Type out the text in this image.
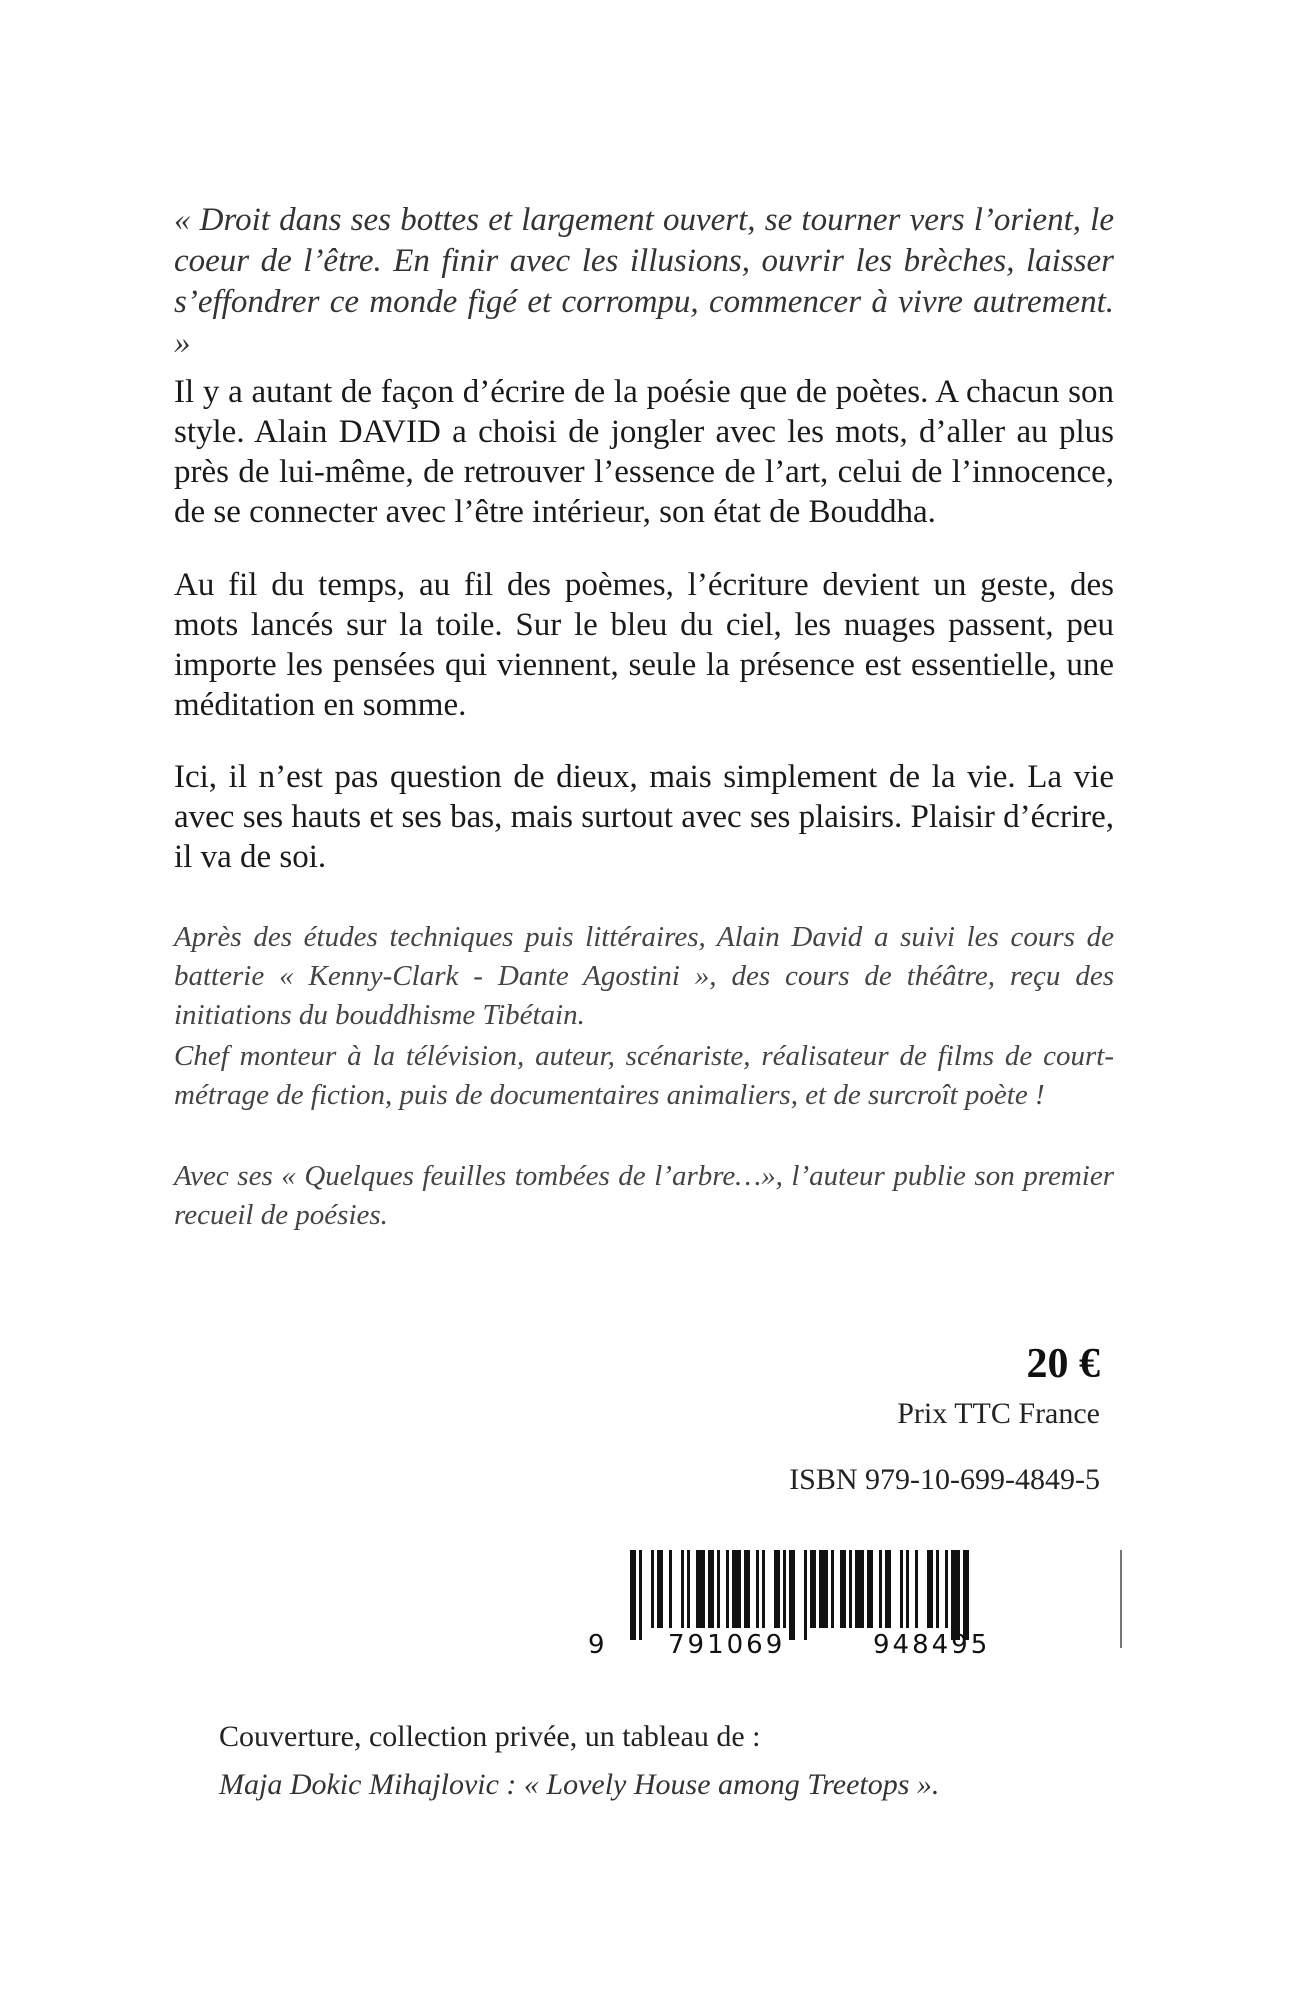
« Droit dans ses bottes et largement ouvert, se tourner vers l’orient, le coeur de l’être. En finir avec les illusions, ouvrir les brèches, laisser s’effondrer ce monde figé et corrompu, commencer à vivre autrement. »

Il y a autant de façon d’écrire de la poésie que de poètes. A chacun son style. Alain DAVID a choisi de jongler avec les mots, d’aller au plus près de lui-même, de retrouver l’essence de l’art, celui de l’innocence, de se connecter avec l’être intérieur, son état de Bouddha.

Au fil du temps, au fil des poèmes, l’écriture devient un geste, des mots lancés sur la toile. Sur le bleu du ciel, les nuages passent, peu importe les pensées qui viennent, seule la présence est essentielle, une méditation en somme.

Ici, il n’est pas question de dieux, mais simplement de la vie. La vie avec ses hauts et ses bas, mais surtout avec ses plaisirs. Plaisir d’écrire, il va de soi.

Après des études techniques puis littéraires, Alain David a suivi les cours de batterie « Kenny-Clark - Dante Agostini », des cours de théâtre, reçu des initiations du bouddhisme Tibétain.

Chef monteur à la télévision, auteur, scénariste, réalisateur de films de court-métrage de fiction, puis de documentaires animaliers, et de surcroît poète !

Avec ses « Quelques feuilles tombées de l’arbre…», l’auteur publie son premier recueil de poésies.

20 €
Prix TTC France
ISBN 979-10-699-4849-5
9 791069	948495

Couverture, collection privée, un tableau de :

Maja Dokic Mihajlovic : « Lovely House among Treetops ».
